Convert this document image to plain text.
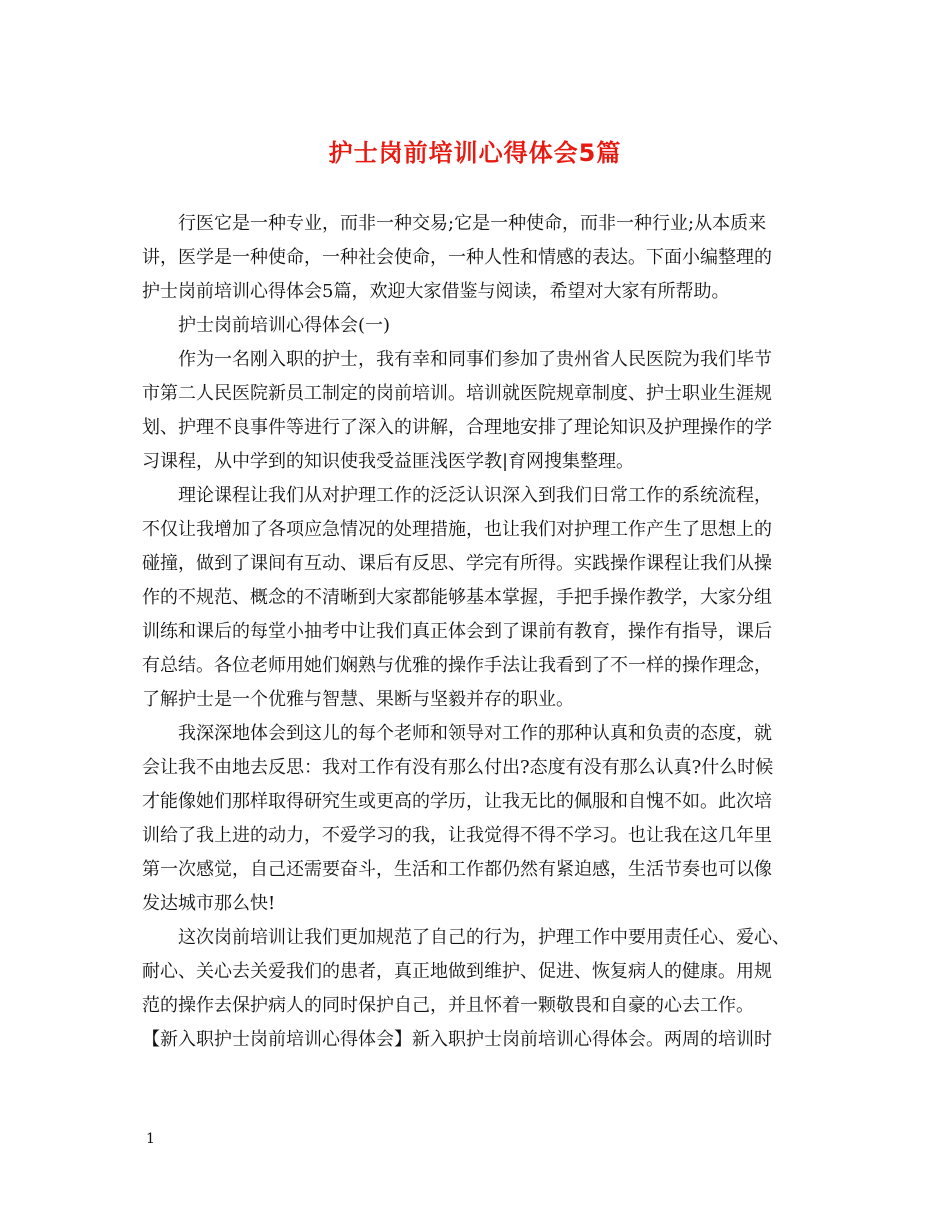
护士岗前培训心得体会5篇
行医它是一种专业，而非一种交易;它是一种使命，而非一种行业;从本质来
讲，医学是一种使命，一种社会使命，一种人性和情感的表达。下面小编整理的
护士岗前培训心得体会5篇，欢迎大家借鉴与阅读，希望对大家有所帮助。
护士岗前培训心得体会(一)
作为一名刚入职的护士，我有幸和同事们参加了贵州省人民医院为我们毕节
市第二人民医院新员工制定的岗前培训。培训就医院规章制度、护士职业生涯规
划、护理不良事件等进行了深入的讲解，合理地安排了理论知识及护理操作的学
习课程，从中学到的知识使我受益匪浅医学教|育网搜集整理。
理论课程让我们从对护理工作的泛泛认识深入到我们日常工作的系统流程，
不仅让我增加了各项应急情况的处理措施，也让我们对护理工作产生了思想上的
碰撞，做到了课间有互动、课后有反思、学完有所得。实践操作课程让我们从操
作的不规范、概念的不清晰到大家都能够基本掌握，手把手操作教学，大家分组
训练和课后的每堂小抽考中让我们真正体会到了课前有教育，操作有指导，课后
有总结。各位老师用她们娴熟与优雅的操作手法让我看到了不一样的操作理念，
了解护士是一个优雅与智慧、果断与坚毅并存的职业。
我深深地体会到这儿的每个老师和领导对工作的那种认真和负责的态度，就
会让我不由地去反思：我对工作有没有那么付出?态度有没有那么认真?什么时候
才能像她们那样取得研究生或更高的学历，让我无比的佩服和自愧不如。此次培
训给了我上进的动力，不爱学习的我，让我觉得不得不学习。也让我在这几年里
第一次感觉，自己还需要奋斗，生活和工作都仍然有紧迫感，生活节奏也可以像
发达城市那么快!
这次岗前培训让我们更加规范了自己的行为，护理工作中要用责任心、爱心、
耐心、关心去关爱我们的患者，真正地做到维护、促进、恢复病人的健康。用规
范的操作去保护病人的同时保护自己，并且怀着一颗敬畏和自豪的心去工作。
【新入职护士岗前培训心得体会】新入职护士岗前培训心得体会。两周的培训时
1
